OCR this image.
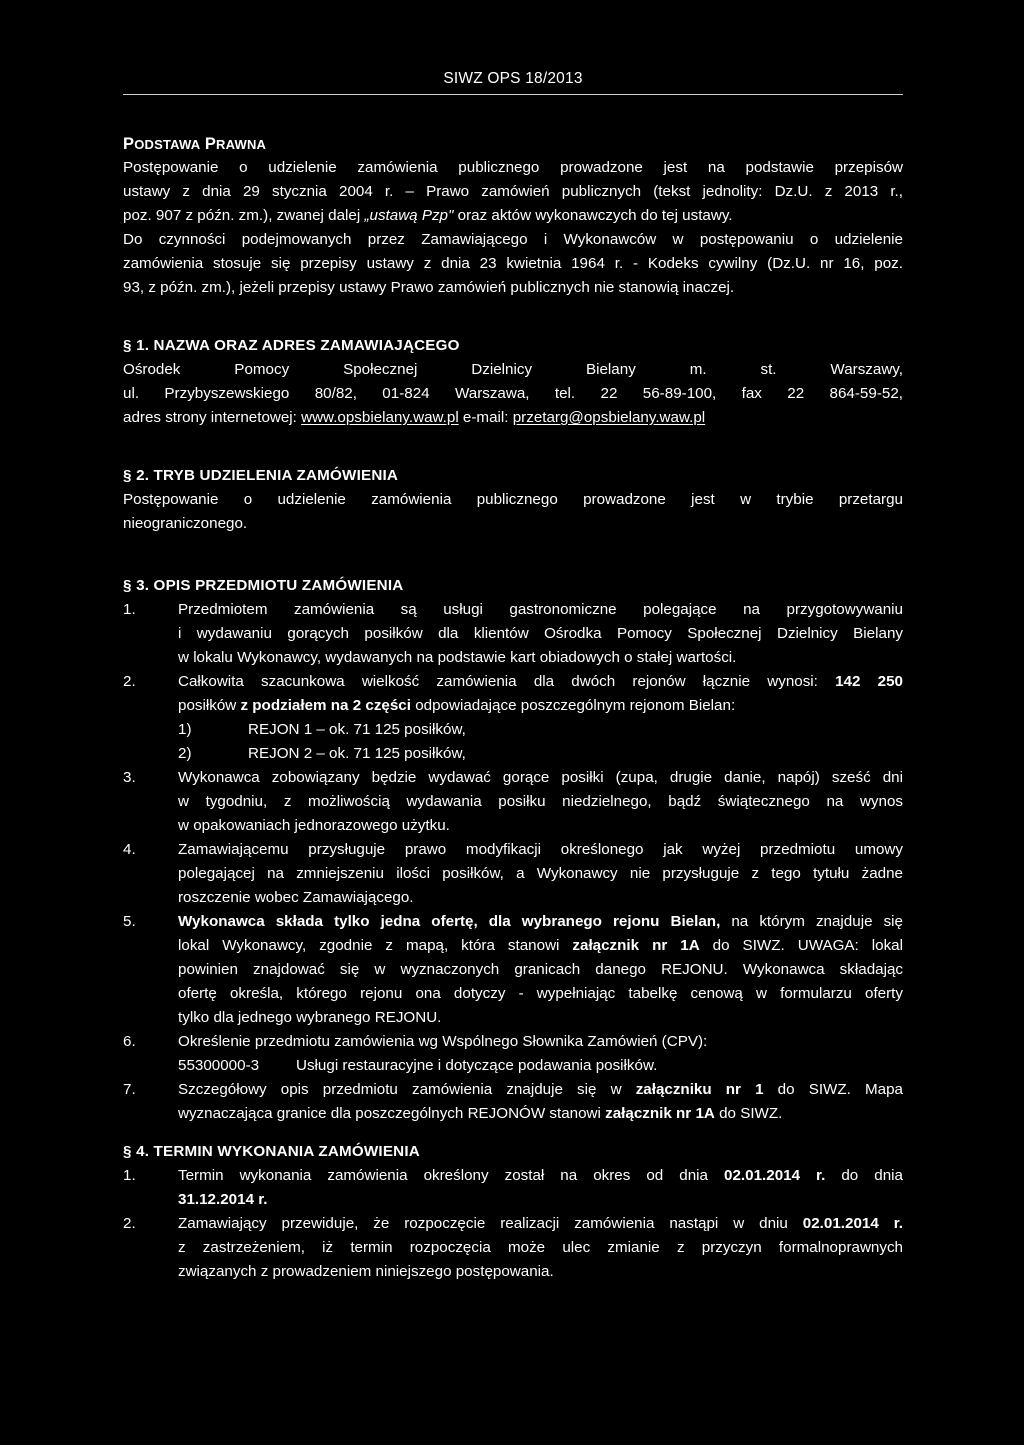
SIWZ OPS 18/2013
PODSTAWA PRAWNA
Postępowanie o udzielenie zamówienia publicznego prowadzone jest na podstawie przepisów
ustawy z dnia 29 stycznia 2004 r. – Prawo zamówień publicznych (tekst jednolity: Dz.U. z 2013 r.,
poz. 907 z późn. zm.), zwanej dalej „ustawą Pzp" oraz aktów wykonawczych do tej ustawy.
Do czynności podejmowanych przez Zamawiającego i Wykonawców w postępowaniu o udzielenie
zamówienia stosuje się przepisy ustawy z dnia 23 kwietnia 1964 r. - Kodeks cywilny (Dz.U. nr 16, poz.
93, z późn. zm.), jeżeli przepisy ustawy Prawo zamówień publicznych nie stanowią inaczej.
§ 1. NAZWA ORAZ ADRES ZAMAWIAJĄCEGO
Ośrodek Pomocy Społecznej Dzielnicy Bielany m. st. Warszawy,
ul. Przybyszewskiego 80/82, 01-824 Warszawa, tel. 22 56-89-100, fax 22 864-59-52,
adres strony internetowej: www.opsbielany.waw.pl e-mail: przetarg@opsbielany.waw.pl
§ 2. TRYB UDZIELENIA ZAMÓWIENIA
Postępowanie o udzielenie zamówienia publicznego prowadzone jest w trybie przetargu
nieograniczonego.
§ 3. OPIS PRZEDMIOTU ZAMÓWIENIA
1.	Przedmiotem zamówienia są usługi gastronomiczne polegające na przygotowywaniu
i wydawaniu gorących posiłków dla klientów Ośrodka Pomocy Społecznej Dzielnicy Bielany
w lokalu Wykonawcy, wydawanych na podstawie kart obiadowych o stałej wartości.
2.	Całkowita szacunkowa wielkość zamówienia dla dwóch rejonów łącznie wynosi: 142 250
posiłków z podziałem na 2 części odpowiadające poszczególnym rejonom Bielan:
1)	REJON 1 – ok. 71 125 posiłków,
2)	REJON 2 – ok. 71 125 posiłków,
3.	Wykonawca zobowiązany będzie wydawać gorące posiłki (zupa, drugie danie, napój) sześć dni
w tygodniu, z możliwością wydawania posiłku niedzielnego, bądź świątecznego na wynos
w opakowaniach jednorazowego użytku.
4.	Zamawiającemu przysługuje prawo modyfikacji określonego jak wyżej przedmiotu umowy
polegającej na zmniejszeniu ilości posiłków, a Wykonawcy nie przysługuje z tego tytułu żadne
roszczenie wobec Zamawiającego.
5.	Wykonawca składa tylko jedna ofertę, dla wybranego rejonu Bielan, na którym znajduje się
lokal Wykonawcy, zgodnie z mapą, która stanowi załącznik nr 1A do SIWZ. UWAGA: lokal
powinien znajdować się w wyznaczonych granicach danego REJONU. Wykonawca składając
ofertę określa, którego rejonu ona dotyczy - wypełniając tabelkę cenową w formularzu oferty
tylko dla jednego wybranego REJONU.
6.	Określenie przedmiotu zamówienia wg Wspólnego Słownika Zamówień (CPV):
55300000-3 Usługi restauracyjne i dotyczące podawania posiłków.
7.	Szczegółowy opis przedmiotu zamówienia znajduje się w załączniku nr 1 do SIWZ. Mapa
wyznaczająca granice dla poszczególnych REJONÓW stanowi załącznik nr 1A do SIWZ.
§ 4. TERMIN WYKONANIA ZAMÓWIENIA
1.	Termin wykonania zamówienia określony został na okres od dnia 02.01.2014 r. do dnia
31.12.2014 r.
2.	Zamawiający przewiduje, że rozpoczęcie realizacji zamówienia nastąpi w dniu 02.01.2014 r.
z zastrzeżeniem, iż termin rozpoczęcia może ulec zmianie z przyczyn formalnoprawnych
związanych z prowadzeniem niniejszego postępowania.
